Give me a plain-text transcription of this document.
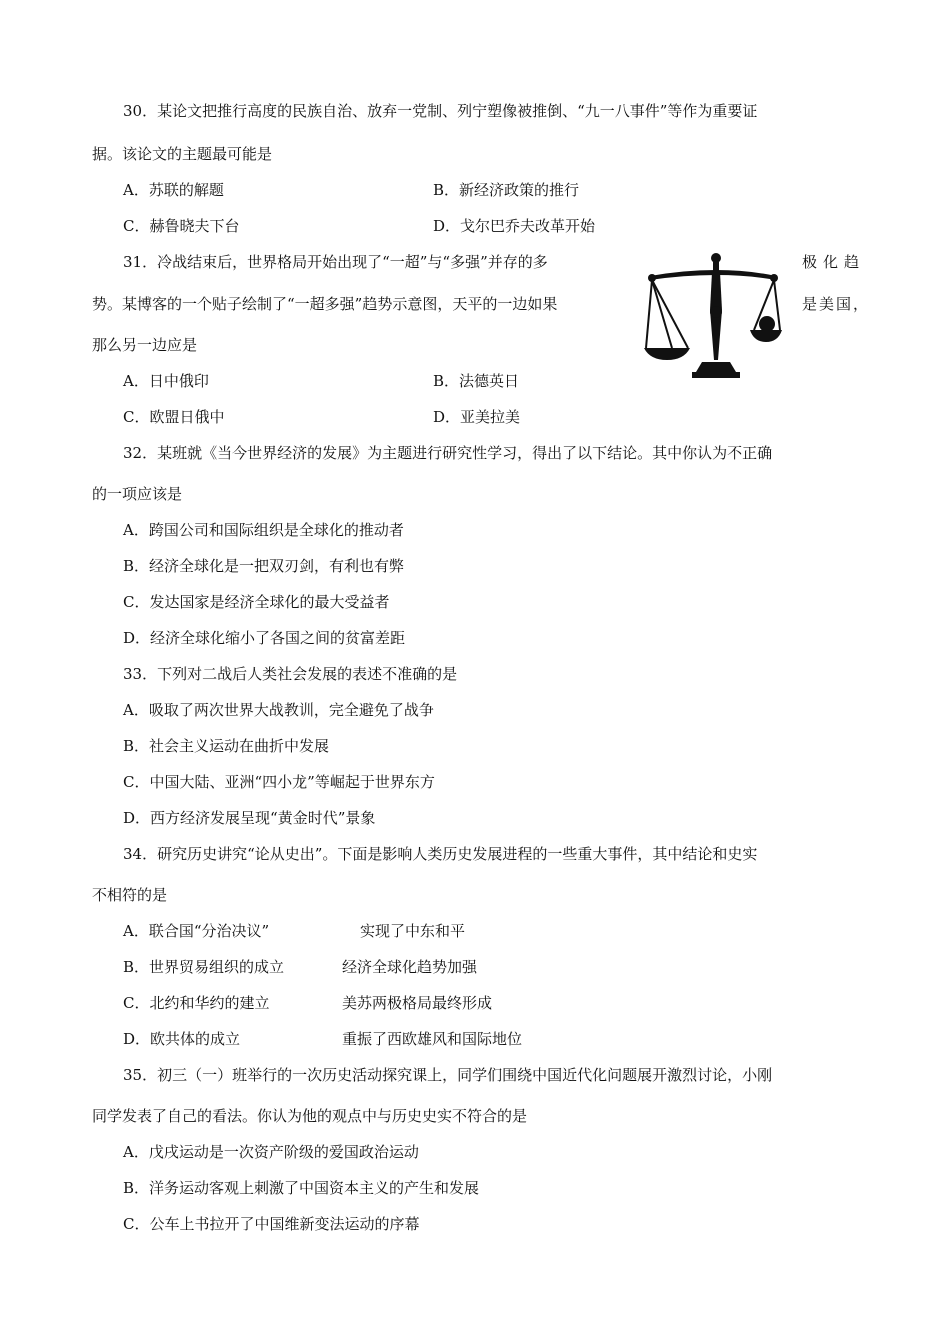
30．某论文把推行高度的民族自治、放弃一党制、列宁塑像被推倒、“九一八事件”等作为重要证
据。该论文的主题最可能是
A．苏联的解题	B．新经济政策的推行
C．赫鲁晓夫下台	D．戈尔巴乔夫改革开始
31．冷战结束后，世界格局开始出现了“一超”与“多强”并存的多	极化趋
势。某博客的一个贴子绘制了“一超多强”趋势示意图，天平的一边如果	是美国，
那么另一边应是
A．日中俄印	B．法德英日
C．欧盟日俄中	D．亚美拉美
32．某班就《当今世界经济的发展》为主题进行研究性学习，得出了以下结论。其中你认为不正确
的一项应该是
A．跨国公司和国际组织是全球化的推动者
B．经济全球化是一把双刃剑，有利也有弊
C．发达国家是经济全球化的最大受益者
D．经济全球化缩小了各国之间的贫富差距
33．下列对二战后人类社会发展的表述不准确的是
A．吸取了两次世界大战教训，完全避免了战争
B．社会主义运动在曲折中发展
C．中国大陆、亚洲“四小龙”等崛起于世界东方
D．西方经济发展呈现“黄金时代”景象
34．研究历史讲究“论从史出”。下面是影响人类历史发展进程的一些重大事件，其中结论和史实
不相符的是
A．联合国“分治决议”	实现了中东和平
B．世界贸易组织的成立	经济全球化趋势加强
C．北约和华约的建立	美苏两极格局最终形成
D．欧共体的成立	重振了西欧雄风和国际地位
35．初三（一）班举行的一次历史活动探究课上，同学们围绕中国近代化问题展开激烈讨论，小刚
同学发表了自己的看法。你认为他的观点中与历史史实不符合的是
A．戊戌运动是一次资产阶级的爱国政治运动
B．洋务运动客观上刺激了中国资本主义的产生和发展
C．公车上书拉开了中国维新变法运动的序幕
